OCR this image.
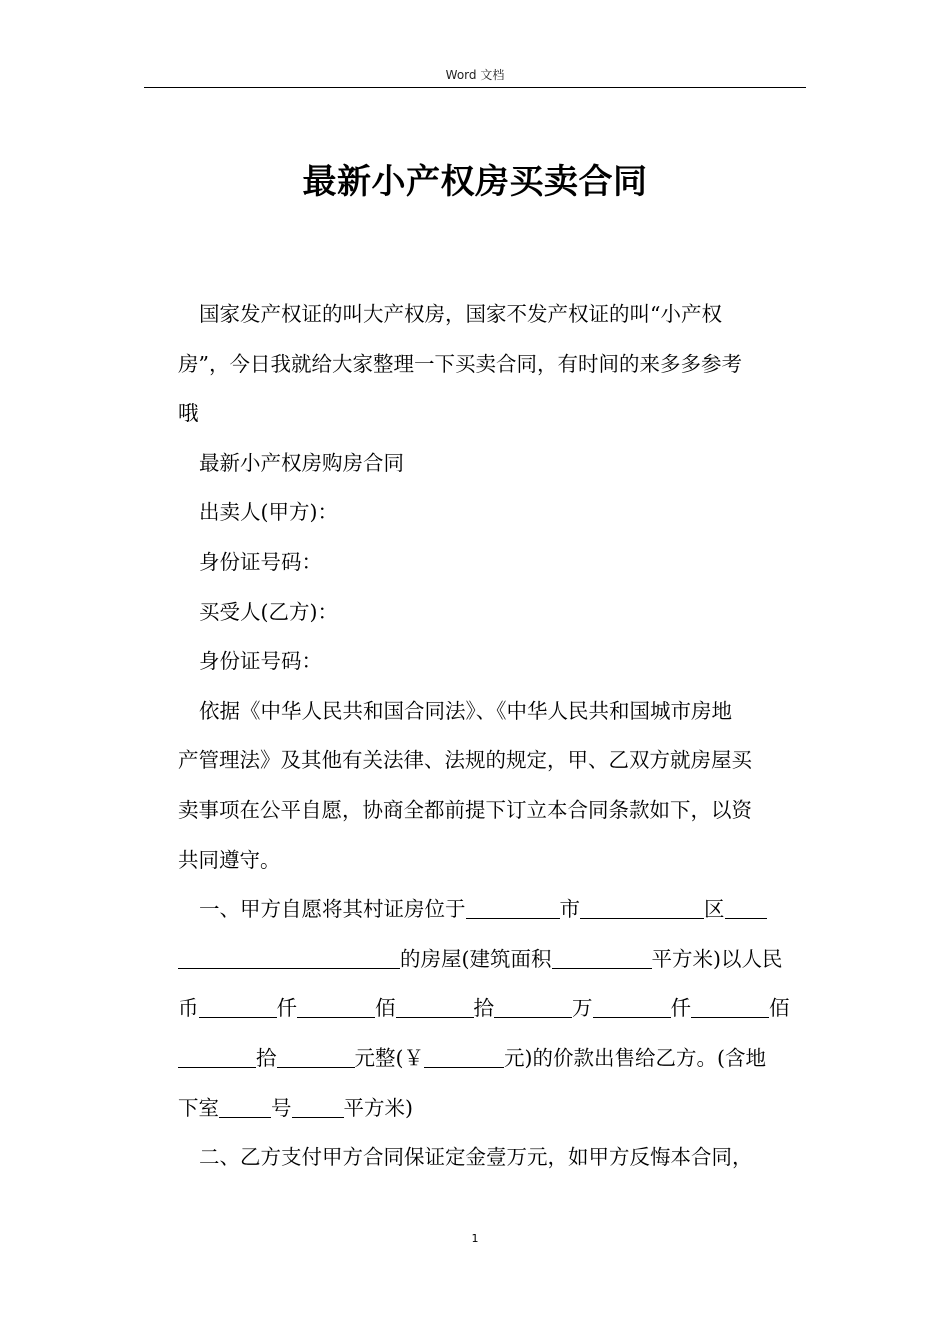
Word 文档
最新小产权房买卖合同
国家发产权证的叫大产权房，国家不发产权证的叫“小产权
房”，今日我就给大家整理一下买卖合同，有时间的来多多参考
哦
最新小产权房购房合同
出卖人(甲方)：
身份证号码：
买受人(乙方)：
身份证号码：
依据《中华人民共和国合同法》、《中华人民共和国城市房地
产管理法》及其他有关法律、法规的规定，甲、乙双方就房屋买
卖事项在公平自愿，协商全都前提下订立本合同条款如下，以资
共同遵守。
一、甲方自愿将其村证房位于	市	区
的房屋(建筑面积	平方米)以人民
币	仟	佰	拾	万	仟	佰
拾	元整(￥	元)的价款出售给乙方。(含地
下室	号	平方米)
二、乙方支付甲方合同保证定金壹万元，如甲方反悔本合同，
1
